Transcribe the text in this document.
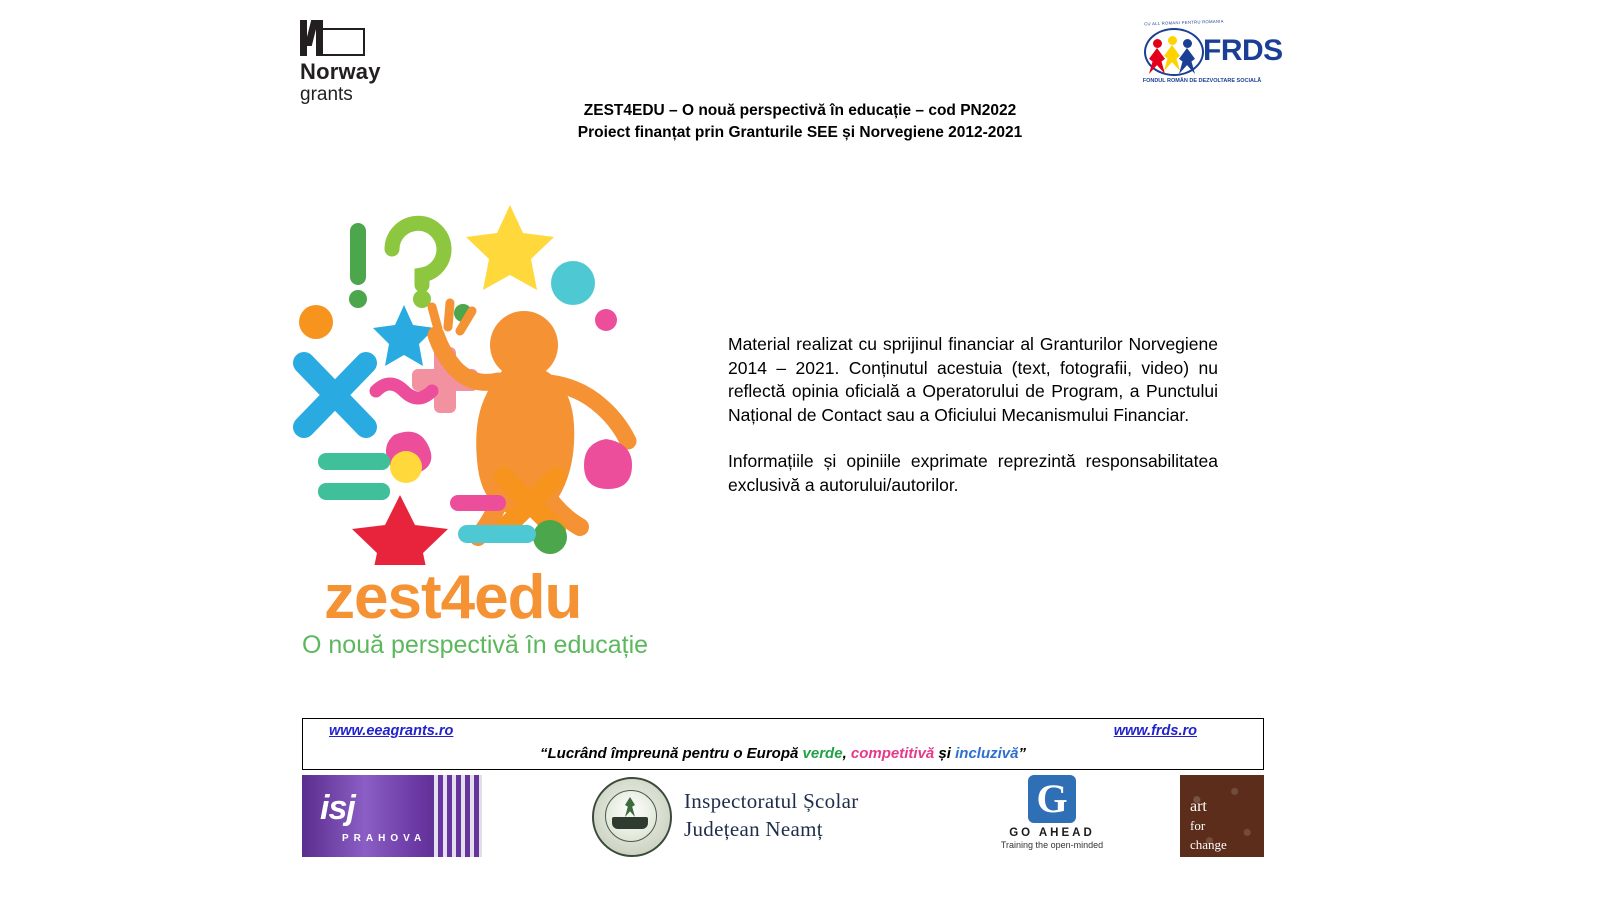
Norway
grants
CU ALL ROMANI PENTRU ROMANIA
FRDS
FONDUL ROMÂN DE DEZVOLTARE SOCIALĂ
ZEST4EDU – O nouă perspectivă în educație – cod PN2022
Proiect finanțat prin Granturile SEE și Norvegiene 2012-2021
zest4edu
O nouă perspectivă în educație

Material realizat cu sprijinul financiar al Granturilor Norvegiene 2014 – 2021. Conținutul acestuia (text, fotografii, video) nu reflectă opinia oficială a Operatorului de Program, a Punctului Național de Contact sau a Oficiului Mecanismului Financiar.

Informațiile și opiniile exprimate reprezintă responsabilitatea exclusivă a autorului/autorilor.

www.eeagrants.ro	www.frds.ro
“Lucrând împreună pentru o Europă verde, competitivă și incluzivă”
isj
PRAHOVA
Inspectoratul Școlar
Județean Neamț
G
GO AHEAD
Training the open-minded
art
for
change
